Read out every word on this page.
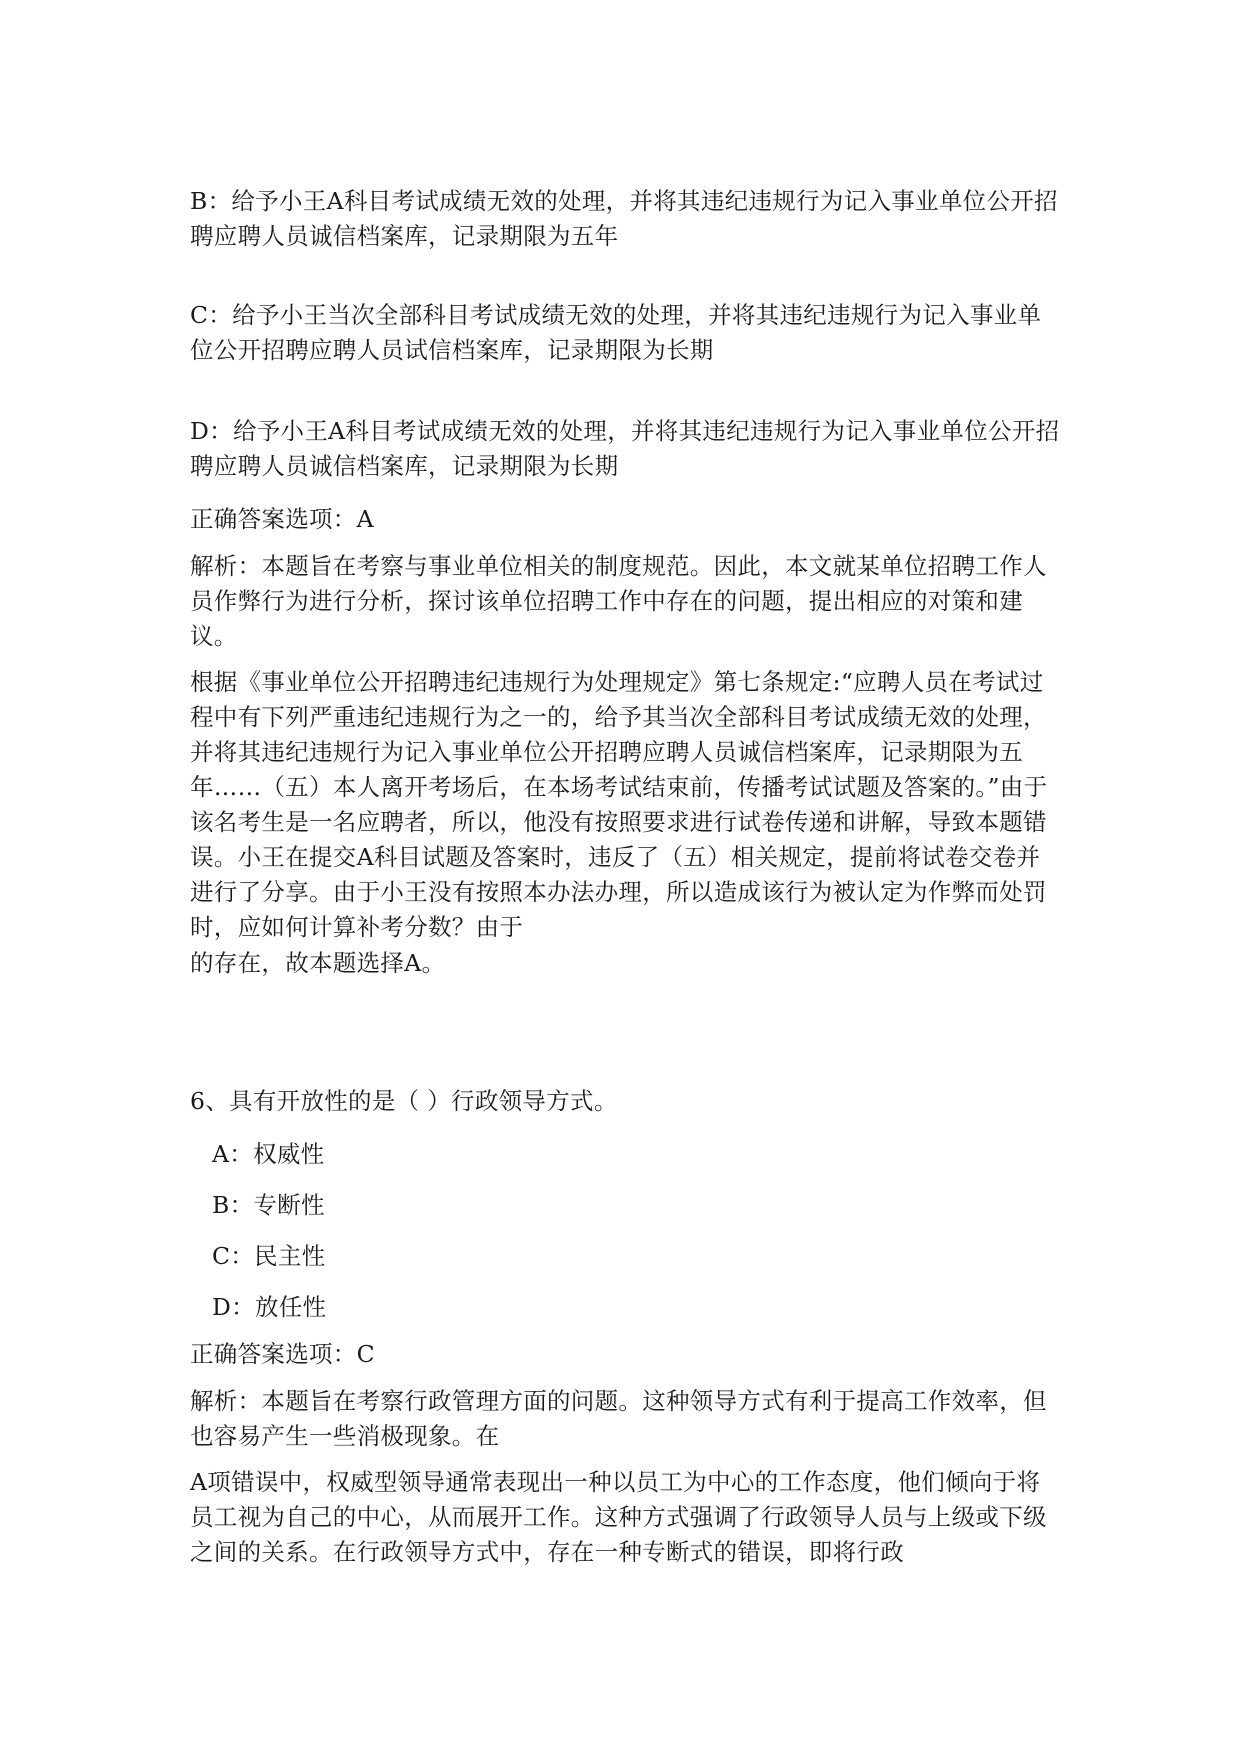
B：给予小王A科目考试成绩无效的处理，并将其违纪违规行为记入事业单位公开招聘应聘人员诚信档案库，记录期限为五年

C：给予小王当次全部科目考试成绩无效的处理，并将其违纪违规行为记入事业单位公开招聘应聘人员试信档案库，记录期限为长期

D：给予小王A科目考试成绩无效的处理，并将其违纪违规行为记入事业单位公开招聘应聘人员诚信档案库，记录期限为长期

正确答案选项：A

解析：本题旨在考察与事业单位相关的制度规范。因此，本文就某单位招聘工作人员作弊行为进行分析，探讨该单位招聘工作中存在的问题，提出相应的对策和建议。

根据《事业单位公开招聘违纪违规行为处理规定》第七条规定:“应聘人员在考试过程中有下列严重违纪违规行为之一的，给予其当次全部科目考试成绩无效的处理，并将其违纪违规行为记入事业单位公开招聘应聘人员诚信档案库，记录期限为五年……（五）本人离开考场后，在本场考试结束前，传播考试试题及答案的。”由于该名考生是一名应聘者，所以，他没有按照要求进行试卷传递和讲解，导致本题错误。小王在提交A科目试题及答案时，违反了（五）相关规定，提前将试卷交卷并进行了分享。由于小王没有按照本办法办理，所以造成该行为被认定为作弊而处罚时，应如何计算补考分数？由于

的存在，故本题选择A。

6、具有开放性的是（ ）行政领导方式。

A：权威性

B：专断性

C：民主性

D：放任性

正确答案选项：C

解析：本题旨在考察行政管理方面的问题。这种领导方式有利于提高工作效率，但也容易产生一些消极现象。在

A项错误中，权威型领导通常表现出一种以员工为中心的工作态度，他们倾向于将员工视为自己的中心，从而展开工作。这种方式强调了行政领导人员与上级或下级之间的关系。在行政领导方式中，存在一种专断式的错误，即将行政
